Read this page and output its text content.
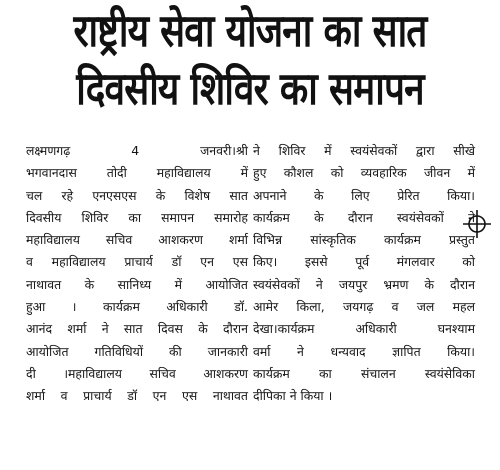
राष्ट्रीय सेवा योजना का सात
दिवसीय शिविर का समापन
लक्ष्मणगढ़ 4 जनवरी।श्री
भगवानदास तोदी महाविद्यालय में
चल रहे एनएसएस के विशेष सात
दिवसीय शिविर का समापन समारोह
महाविद्यालय सचिव आशकरण शर्मा
व महाविद्यालय प्राचार्य डॉ एन एस
नाथावत के सानिध्य में आयोजित
हुआ । कार्यक्रम अधिकारी डॉ.
आनंद शर्मा ने सात दिवस के दौरान
आयोजित गतिविधियों की जानकारी
दी ।महाविद्यालय सचिव आशकरण
शर्मा व प्राचार्य डॉ एन एस नाथावत
ने शिविर में स्वयंसेवकों द्वारा सीखे
हुए कौशल को व्यवहारिक जीवन में
अपनाने के लिए प्रेरित किया।
कार्यक्रम के दौरान स्वयंसेवकों ने
विभिन्न सांस्कृतिक कार्यक्रम प्रस्तुत
किए। इससे पूर्व मंगलवार को
स्वयंसेवकों ने जयपुर भ्रमण के दौरान
आमेर किला, जयगढ़ व जल महल
देखा।कार्यक्रम अधिकारी घनश्याम
वर्मा ने धन्यवाद ज्ञापित किया।
कार्यक्रम का संचालन स्वयंसेविका
दीपिका ने किया ।
